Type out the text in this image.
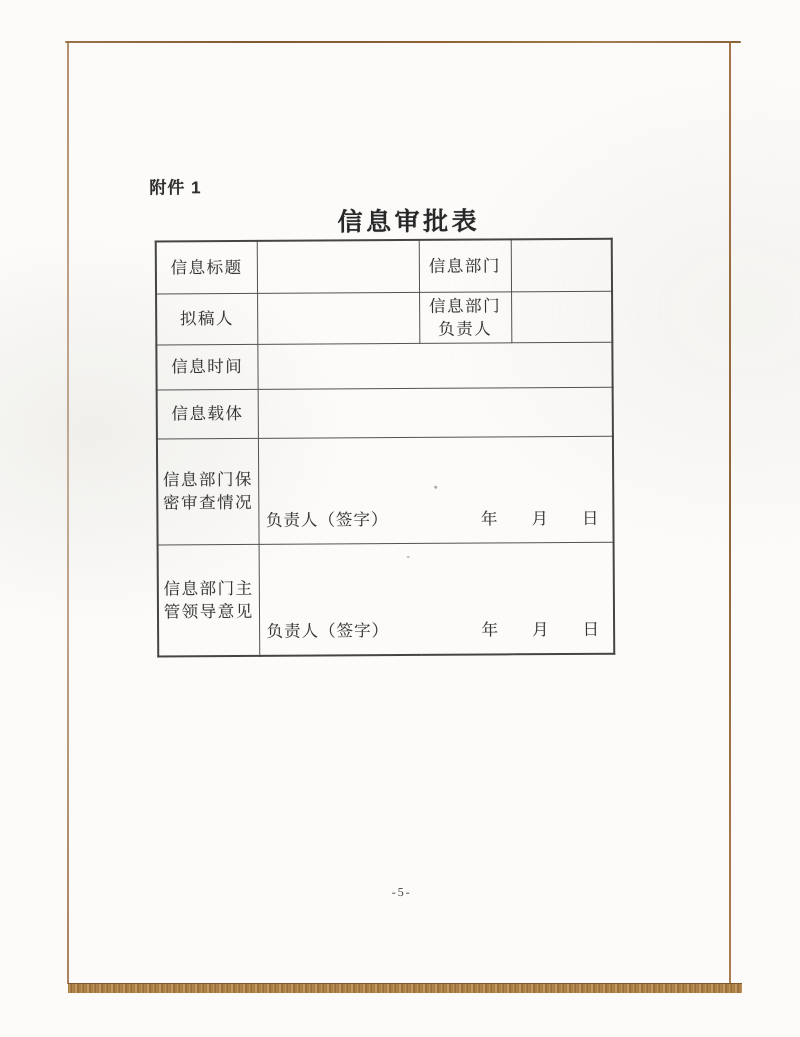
附件 1
信息审批表
信息标题		信息部门	
拟稿人		信息部门
负责人	

信息时间			
信息载体			

信息部门保
密审查情况	负责人（签字） 年 月 日		

信息部门主
管领导意见	负责人（签字） 年 月 日		
-5-
